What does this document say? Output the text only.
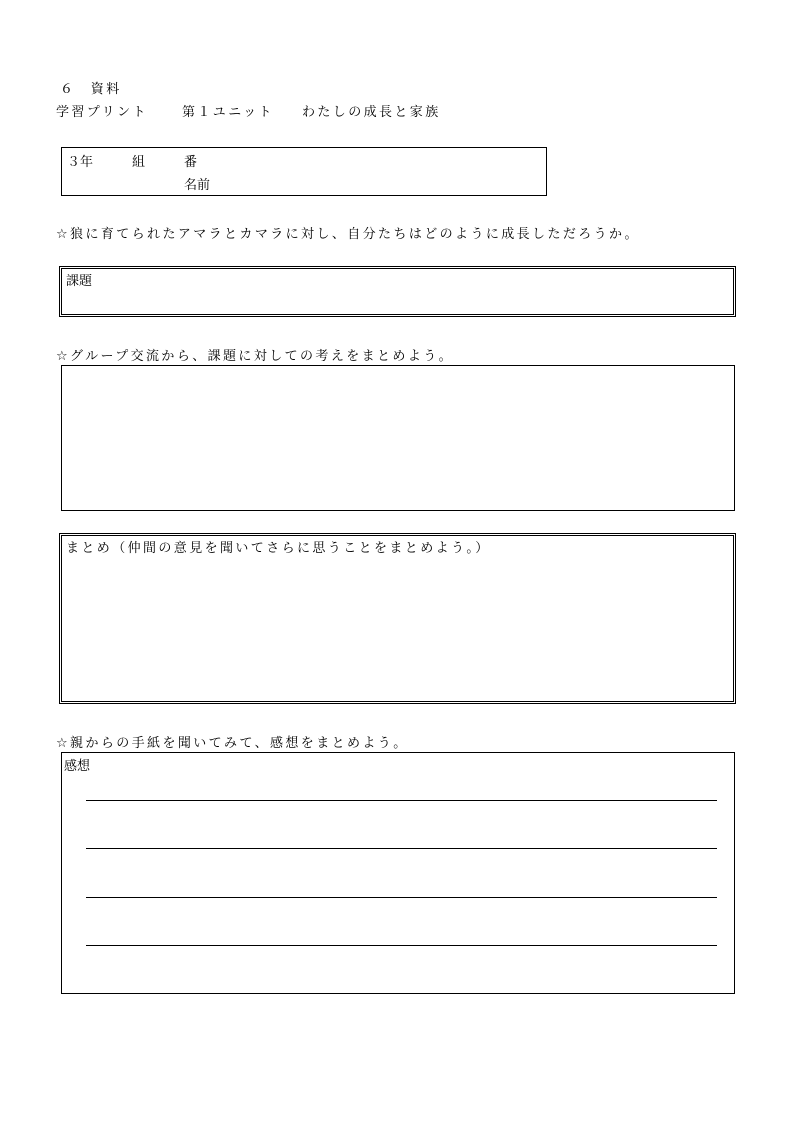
６　資料
学習プリント	第１ユニット わたしの成長と家族
３年	組	番
名前
☆狼に育てられたアマラとカマラに対し、自分たちはどのように成長しただろうか。
課題
☆グループ交流から、課題に対しての考えをまとめよう。
まとめ（仲間の意見を聞いてさらに思うことをまとめよう。）
☆親からの手紙を聞いてみて、感想をまとめよう。
感想
